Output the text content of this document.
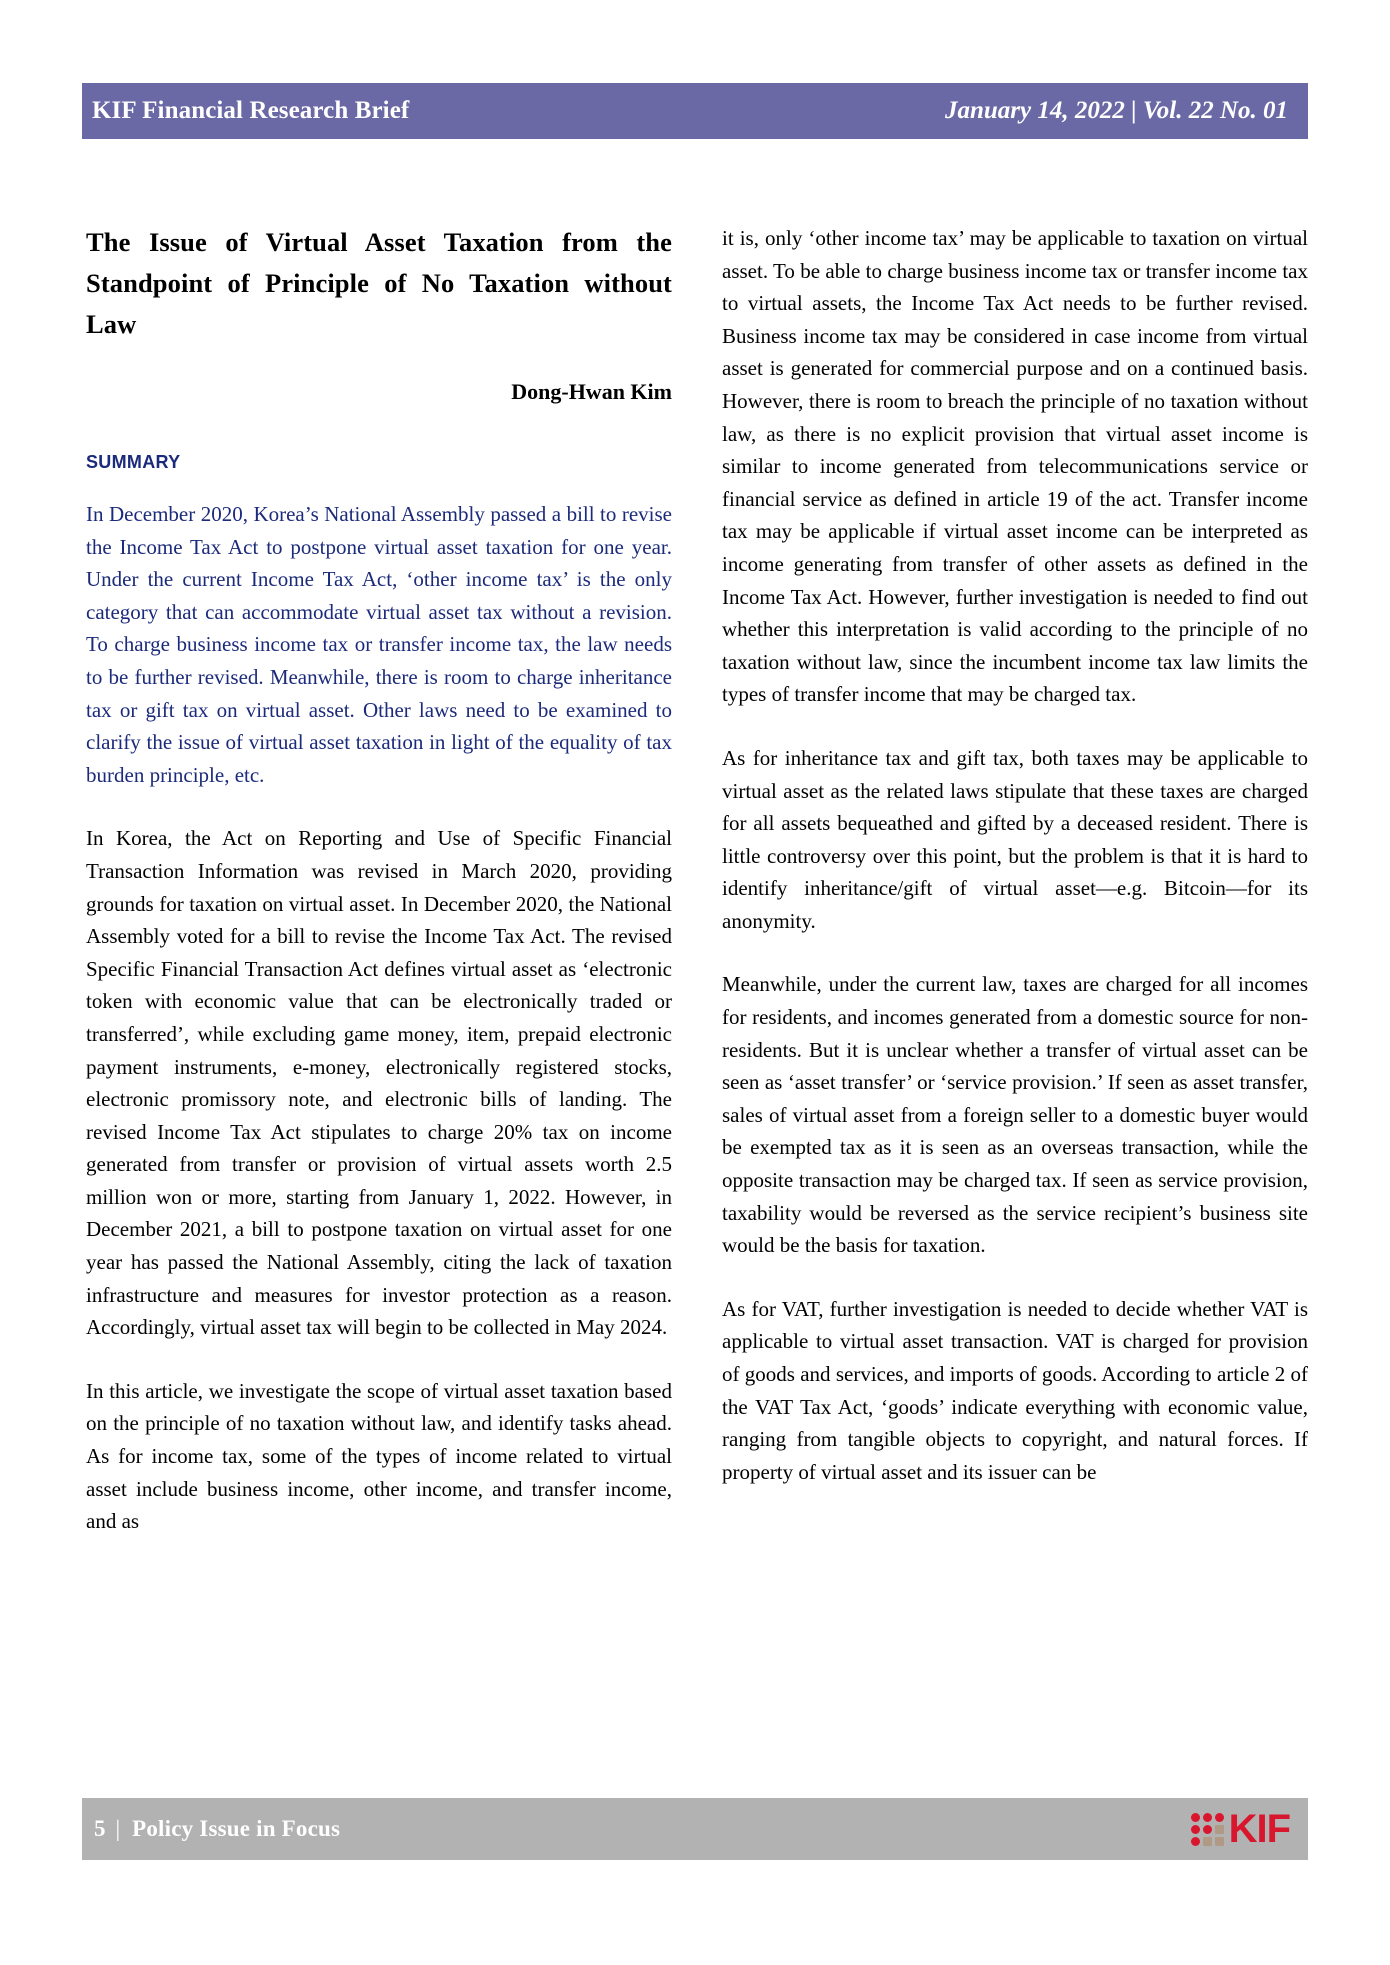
KIF Financial Research Brief	January 14, 2022 | Vol. 22 No. 01
The Issue of Virtual Asset Taxation from the Standpoint of Principle of No Taxation without Law
Dong-Hwan Kim
SUMMARY

In December 2020, Korea’s National Assembly passed a bill to revise the Income Tax Act to postpone virtual asset taxation for one year. Under the current Income Tax Act, ‘other income tax’ is the only category that can accommodate virtual asset tax without a revision. To charge business income tax or transfer income tax, the law needs to be further revised. Meanwhile, there is room to charge inheritance tax or gift tax on virtual asset. Other laws need to be examined to clarify the issue of virtual asset taxation in light of the equality of tax burden principle, etc.

In Korea, the Act on Reporting and Use of Specific Financial Transaction Information was revised in March 2020, providing grounds for taxation on virtual asset. In December 2020, the National Assembly voted for a bill to revise the Income Tax Act. The revised Specific Financial Transaction Act defines virtual asset as ‘electronic token with economic value that can be electronically traded or transferred’, while excluding game money, item, prepaid electronic payment instruments, e-money, electronically registered stocks, electronic promissory note, and electronic bills of landing. The revised Income Tax Act stipulates to charge 20% tax on income generated from transfer or provision of virtual assets worth 2.5 million won or more, starting from January 1, 2022. However, in December 2021, a bill to postpone taxation on virtual asset for one year has passed the National Assembly, citing the lack of taxation infrastructure and measures for investor protection as a reason. Accordingly, virtual asset tax will begin to be collected in May 2024.

In this article, we investigate the scope of virtual asset taxation based on the principle of no taxation without law, and identify tasks ahead. As for income tax, some of the types of income related to virtual asset include business income, other income, and transfer income, and as

it is, only ‘other income tax’ may be applicable to taxation on virtual asset. To be able to charge business income tax or transfer income tax to virtual assets, the Income Tax Act needs to be further revised. Business income tax may be considered in case income from virtual asset is generated for commercial purpose and on a continued basis. However, there is room to breach the principle of no taxation without law, as there is no explicit provision that virtual asset income is similar to income generated from telecommunications service or financial service as defined in article 19 of the act. Transfer income tax may be applicable if virtual asset income can be interpreted as income generating from transfer of other assets as defined in the Income Tax Act. However, further investigation is needed to find out whether this interpretation is valid according to the principle of no taxation without law, since the incumbent income tax law limits the types of transfer income that may be charged tax.

As for inheritance tax and gift tax, both taxes may be applicable to virtual asset as the related laws stipulate that these taxes are charged for all assets bequeathed and gifted by a deceased resident. There is little controversy over this point, but the problem is that it is hard to identify inheritance/gift of virtual asset—e.g. Bitcoin—for its anonymity.

Meanwhile, under the current law, taxes are charged for all incomes for residents, and incomes generated from a domestic source for non-residents. But it is unclear whether a transfer of virtual asset can be seen as ‘asset transfer’ or ‘service provision.’ If seen as asset transfer, sales of virtual asset from a foreign seller to a domestic buyer would be exempted tax as it is seen as an overseas transaction, while the opposite transaction may be charged tax. If seen as service provision, taxability would be reversed as the service recipient’s business site would be the basis for taxation.

As for VAT, further investigation is needed to decide whether VAT is applicable to virtual asset transaction. VAT is charged for provision of goods and services, and imports of goods. According to article 2 of the VAT Tax Act, ‘goods’ indicate everything with economic value, ranging from tangible objects to copyright, and natural forces. If property of virtual asset and its issuer can be

5 | Policy Issue in Focus	KIF
